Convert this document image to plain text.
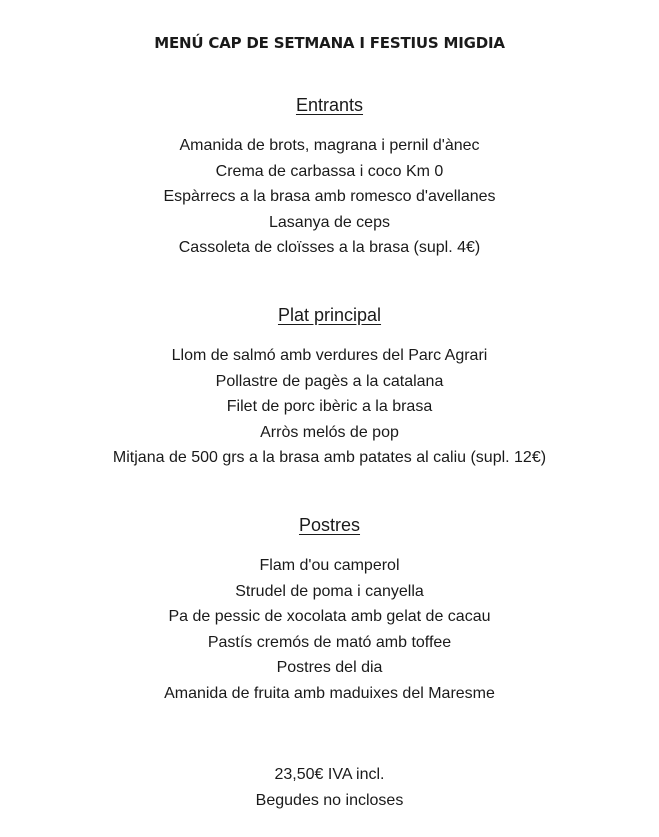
MENÚ CAP DE SETMANA I FESTIUS MIGDIA
Entrants
Amanida de brots, magrana i pernil d'ànec
Crema de carbassa i coco Km 0
Espàrrecs a la brasa amb romesco d'avellanes
Lasanya de ceps
Cassoleta de cloïsses a la brasa (supl. 4€)
Plat principal
Llom de salmó amb verdures del Parc Agrari
Pollastre de pagès a la catalana
Filet de porc ibèric a la brasa
Arròs melós de pop
Mitjana de 500 grs a la brasa amb patates al caliu (supl. 12€)
Postres
Flam d'ou camperol
Strudel de poma i canyella
Pa de pessic de xocolata amb gelat de cacau
Pastís cremós de mató amb toffee
Postres del dia
Amanida de fruita amb maduixes del Maresme
23,50€ IVA incl.
Begudes no incloses
